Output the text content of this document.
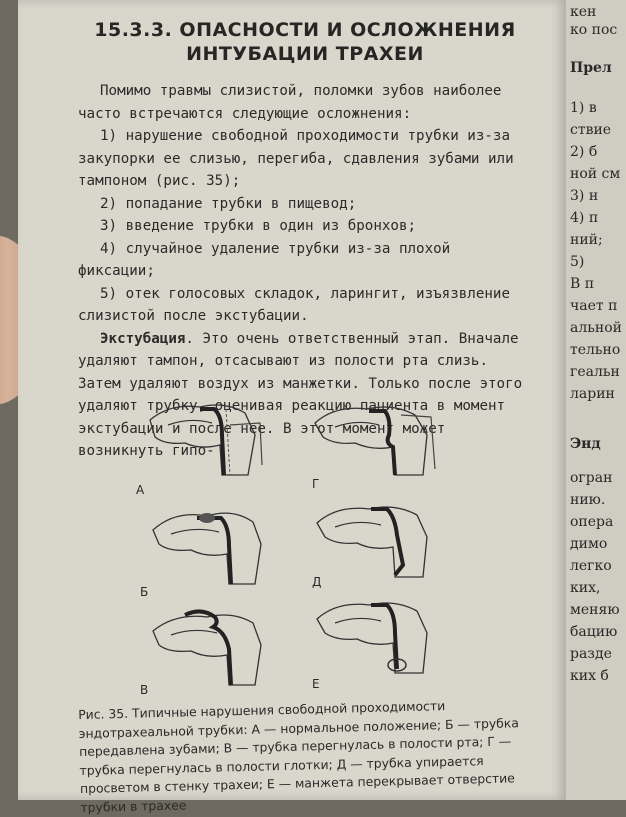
15.3.3. ОПАСНОСТИ И ОСЛОЖНЕНИЯ
ИНТУБАЦИИ ТРАХЕИ

Помимо травмы слизистой, поломки зубов наиболее часто встречаются следующие осложнения:

1) нарушение свободной проходимости трубки из-за закупорки ее слизью, перегиба, сдавления зубами или тампоном (рис. 35);

2) попадание трубки в пищевод;

3) введение трубки в один из бронхов;

4) случайное удаление трубки из-за плохой фиксации;

5) отек голосовых складок, ларингит, изъязвление слизистой после экстубации.

Экстубация. Это очень ответственный этап. Вначале удаляют тампон, отсасывают из полости рта слизь. Затем удаляют воздух из манжетки. Только после этого удаляют трубку, оценивая реакцию пациента в момент экстубации и после нее. В этот момент может возникнуть гипо-

А	Г
Б
Д
В	Е
Рис. 35. Типичные нарушения свободной проходимости эндотрахеальной трубки: А — нормальное положение; Б — трубка передавлена зубами; В — трубка перегнулась в полости рта; Г — трубка перегнулась в полости глотки; Д — трубка упирается просветом в стенку трахеи; Е — манжета перекрывает отверстие трубки в трахее
кен
ко пос
Прел
1) в
ствие
2) б
ной см
3) н
4) п
ний;
5)
В п
чает п
альной
тельно
геальн
ларин
Энд
огран
нию.
опера
димо
легко
ких,
меняю
бацию
разде
ких б
